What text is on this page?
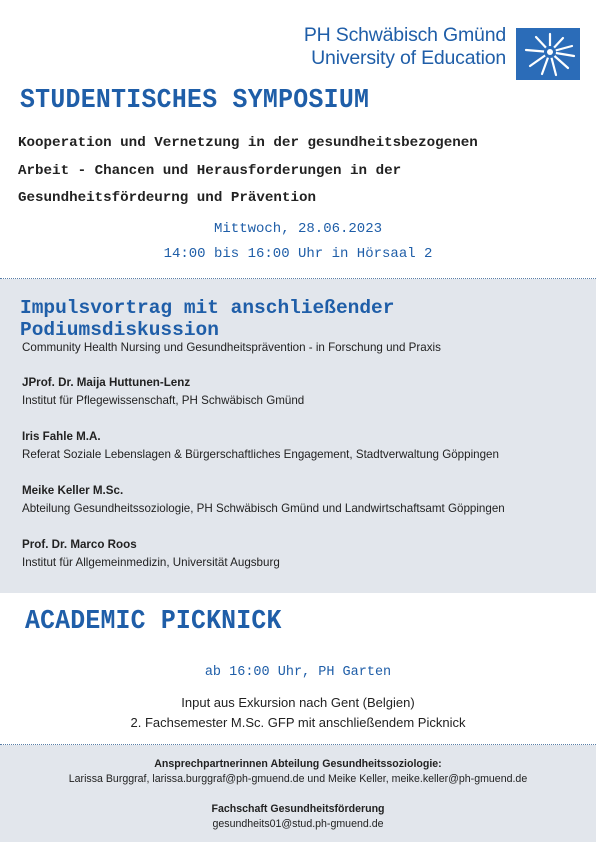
PH Schwäbisch Gmünd
University of Education
STUDENTISCHES SYMPOSIUM
Kooperation und Vernetzung in der gesundheitsbezogenen
Arbeit - Chancen und Herausforderungen in der
Gesundheitsfördeurng und Prävention
Mittwoch, 28.06.2023
14:00 bis 16:00 Uhr in Hörsaal 2
Impulsvortrag mit anschließender Podiumsdiskussion
Community Health Nursing und Gesundheitsprävention - in Forschung und Praxis
JProf. Dr. Maija Huttunen-Lenz
Institut für Pflegewissenschaft, PH Schwäbisch Gmünd
Iris Fahle M.A.
Referat Soziale Lebenslagen & Bürgerschaftliches Engagement, Stadtverwaltung Göppingen
Meike Keller M.Sc.
Abteilung Gesundheitssoziologie, PH Schwäbisch Gmünd und Landwirtschaftsamt Göppingen
Prof. Dr. Marco Roos
Institut für Allgemeinmedizin, Universität Augsburg
ACADEMIC PICKNICK
ab 16:00 Uhr, PH Garten
Input aus Exkursion nach Gent (Belgien)
2. Fachsemester M.Sc. GFP mit anschließendem Picknick
Ansprechpartnerinnen Abteilung Gesundheitssoziologie:
Larissa Burggraf, larissa.burggraf@ph-gmuend.de und Meike Keller, meike.keller@ph-gmuend.de
Fachschaft Gesundheitsförderung
gesundheits01@stud.ph-gmuend.de
